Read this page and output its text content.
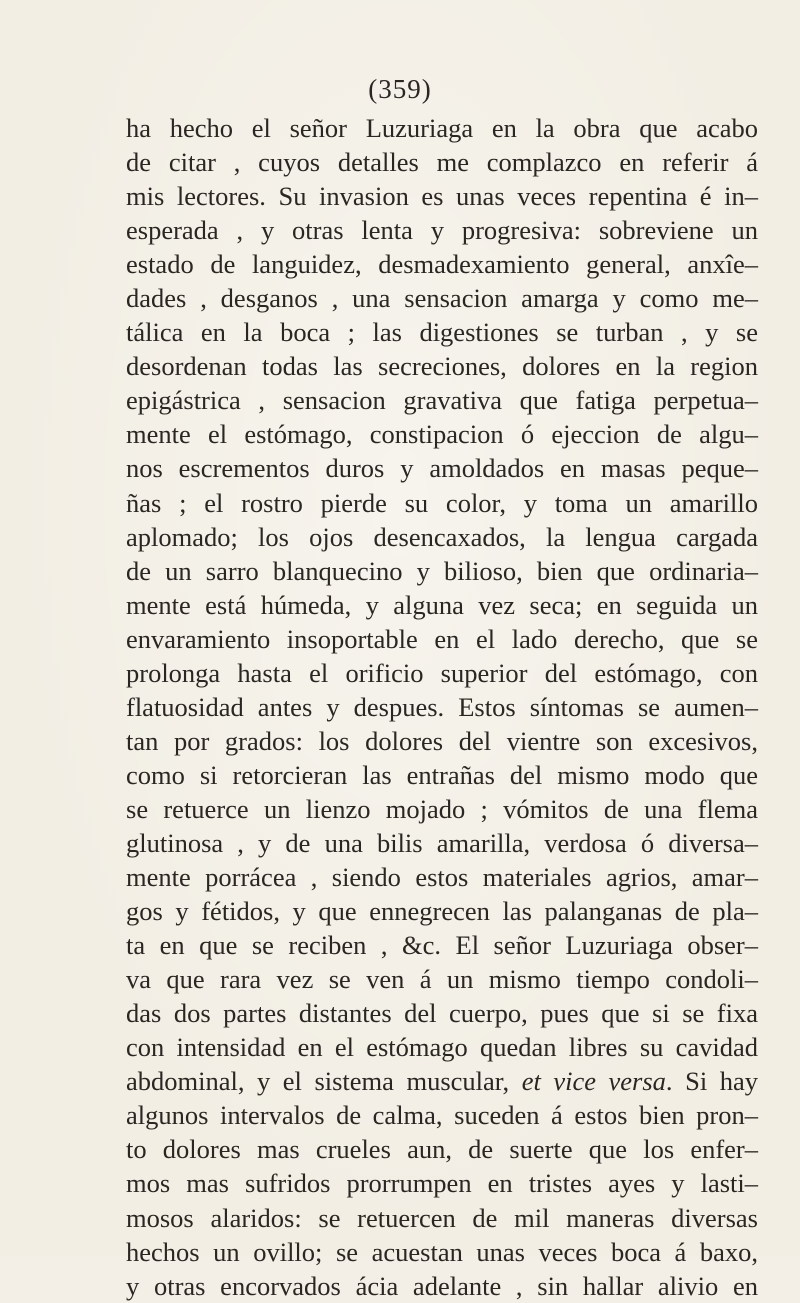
(359)
ha hecho el señor Luzuriaga en la obra que acabo
de citar , cuyos detalles me complazco en referir á
mis lectores. Su invasion es unas veces repentina é in–
esperada , y otras lenta y progresiva: sobreviene un
estado de languidez, desmadexamiento general, anxîe–
dades , desganos , una sensacion amarga y como me–
tálica en la boca ; las digestiones se turban , y se
desordenan todas las secreciones, dolores en la region
epigástrica , sensacion gravativa que fatiga perpetua–
mente el estómago, constipacion ó ejeccion de algu–
nos escrementos duros y amoldados en masas peque–
ñas ; el rostro pierde su color, y toma un amarillo
aplomado; los ojos desencaxados, la lengua cargada
de un sarro blanquecino y bilioso, bien que ordinaria–
mente está húmeda, y alguna vez seca; en seguida un
envaramiento insoportable en el lado derecho, que se
prolonga hasta el orificio superior del estómago, con
flatuosidad antes y despues. Estos síntomas se aumen–
tan por grados: los dolores del vientre son excesivos,
como si retorcieran las entrañas del mismo modo que
se retuerce un lienzo mojado ; vómitos de una flema
glutinosa , y de una bilis amarilla, verdosa ó diversa–
mente porrácea , siendo estos materiales agrios, amar–
gos y fétidos, y que ennegrecen las palanganas de pla–
ta en que se reciben , &c. El señor Luzuriaga obser–
va que rara vez se ven á un mismo tiempo condoli–
das dos partes distantes del cuerpo, pues que si se fixa
con intensidad en el estómago quedan libres su cavidad
abdominal, y el sistema muscular, et vice versa. Si hay
algunos intervalos de calma, suceden á estos bien pron–
to dolores mas crueles aun, de suerte que los enfer–
mos mas sufridos prorrumpen en tristes ayes y lasti–
mosos alaridos: se retuercen de mil maneras diversas
hechos un ovillo; se acuestan unas veces boca á baxo,
y otras encorvados ácia adelante , sin hallar alivio en
